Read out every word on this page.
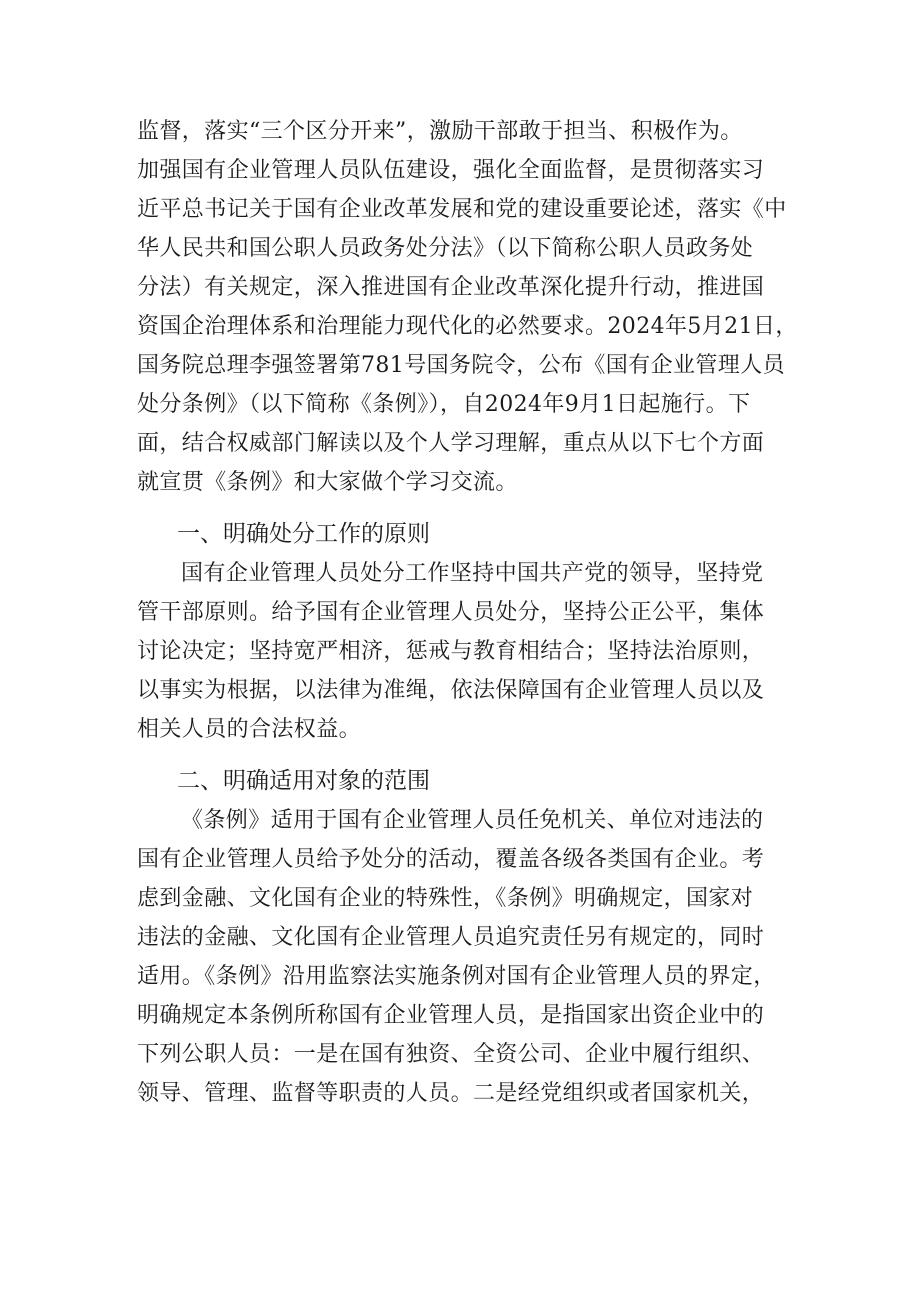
监督，落实“三个区分开来”，激励干部敢于担当、积极作为。
加强国有企业管理人员队伍建设，强化全面监督，是贯彻落实习
近平总书记关于国有企业改革发展和党的建设重要论述，落实《中
华人民共和国公职人员政务处分法》（以下简称公职人员政务处
分法）有关规定，深入推进国有企业改革深化提升行动，推进国
资国企治理体系和治理能力现代化的必然要求。2024年5月21日，
国务院总理李强签署第781号国务院令，公布《国有企业管理人员
处分条例》（以下简称《条例》），自2024年9月1日起施行。下
面，结合权威部门解读以及个人学习理解，重点从以下七个方面
就宣贯《条例》和大家做个学习交流。
一、明确处分工作的原则
国有企业管理人员处分工作坚持中国共产党的领导，坚持党
管干部原则。给予国有企业管理人员处分，坚持公正公平，集体
讨论决定；坚持宽严相济，惩戒与教育相结合；坚持法治原则，
以事实为根据，以法律为准绳，依法保障国有企业管理人员以及
相关人员的合法权益。
二、明确适用对象的范围
《条例》适用于国有企业管理人员任免机关、单位对违法的
国有企业管理人员给予处分的活动，覆盖各级各类国有企业。考
虑到金融、文化国有企业的特殊性，《条例》明确规定，国家对
违法的金融、文化国有企业管理人员追究责任另有规定的，同时
适用。《条例》沿用监察法实施条例对国有企业管理人员的界定，
明确规定本条例所称国有企业管理人员，是指国家出资企业中的
下列公职人员：一是在国有独资、全资公司、企业中履行组织、
领导、管理、监督等职责的人员。二是经党组织或者国家机关，
